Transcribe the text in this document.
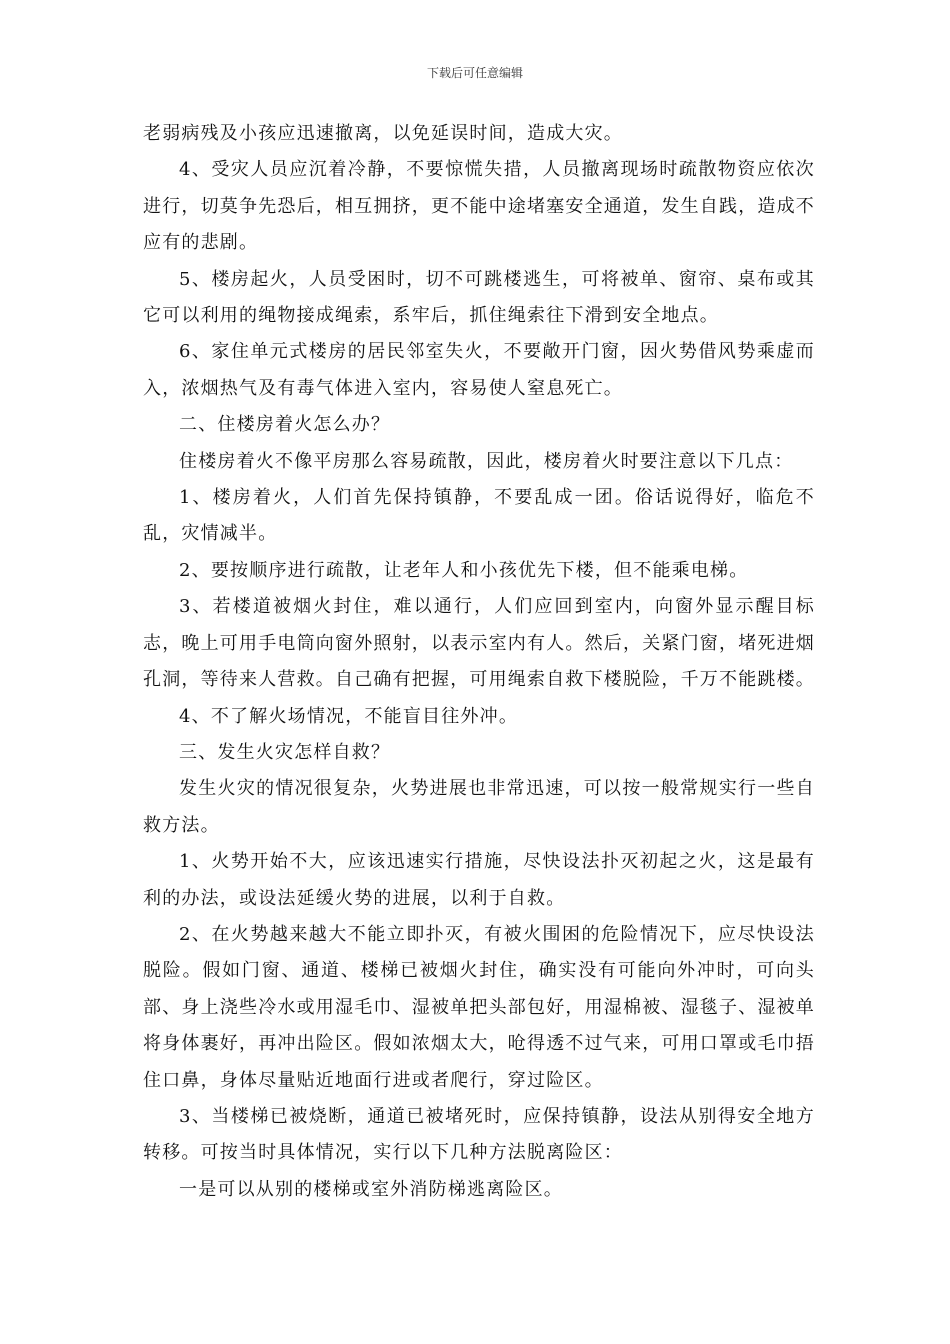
下载后可任意编辑

老弱病残及小孩应迅速撤离，以免延误时间，造成大灾。

4、受灾人员应沉着冷静，不要惊慌失措，人员撤离现场时疏散物资应依次进行，切莫争先恐后，相互拥挤，更不能中途堵塞安全通道，发生自践，造成不应有的悲剧。

5、楼房起火，人员受困时，切不可跳楼逃生，可将被单、窗帘、桌布或其它可以利用的绳物接成绳索，系牢后，抓住绳索往下滑到安全地点。

6、家住单元式楼房的居民邻室失火，不要敞开门窗，因火势借风势乘虚而入，浓烟热气及有毒气体进入室内，容易使人窒息死亡。

二、住楼房着火怎么办？

住楼房着火不像平房那么容易疏散，因此，楼房着火时要注意以下几点：

1、楼房着火，人们首先保持镇静，不要乱成一团。俗话说得好，临危不乱，灾情减半。

2、要按顺序进行疏散，让老年人和小孩优先下楼，但不能乘电梯。

3、若楼道被烟火封住，难以通行，人们应回到室内，向窗外显示醒目标志，晚上可用手电筒向窗外照射，以表示室内有人。然后，关紧门窗，堵死进烟孔洞，等待来人营救。自己确有把握，可用绳索自救下楼脱险，千万不能跳楼。

4、不了解火场情况，不能盲目往外冲。

三、发生火灾怎样自救？

发生火灾的情况很复杂，火势进展也非常迅速，可以按一般常规实行一些自救方法。

1、火势开始不大，应该迅速实行措施，尽快设法扑灭初起之火，这是最有利的办法，或设法延缓火势的进展，以利于自救。

2、在火势越来越大不能立即扑灭，有被火围困的危险情况下，应尽快设法脱险。假如门窗、通道、楼梯已被烟火封住，确实没有可能向外冲时，可向头部、身上浇些冷水或用湿毛巾、湿被单把头部包好，用湿棉被、湿毯子、湿被单将身体裹好，再冲出险区。假如浓烟太大，呛得透不过气来，可用口罩或毛巾捂住口鼻，身体尽量贴近地面行进或者爬行，穿过险区。

3、当楼梯已被烧断，通道已被堵死时，应保持镇静，设法从别得安全地方转移。可按当时具体情况，实行以下几种方法脱离险区：

一是可以从别的楼梯或室外消防梯逃离险区。
